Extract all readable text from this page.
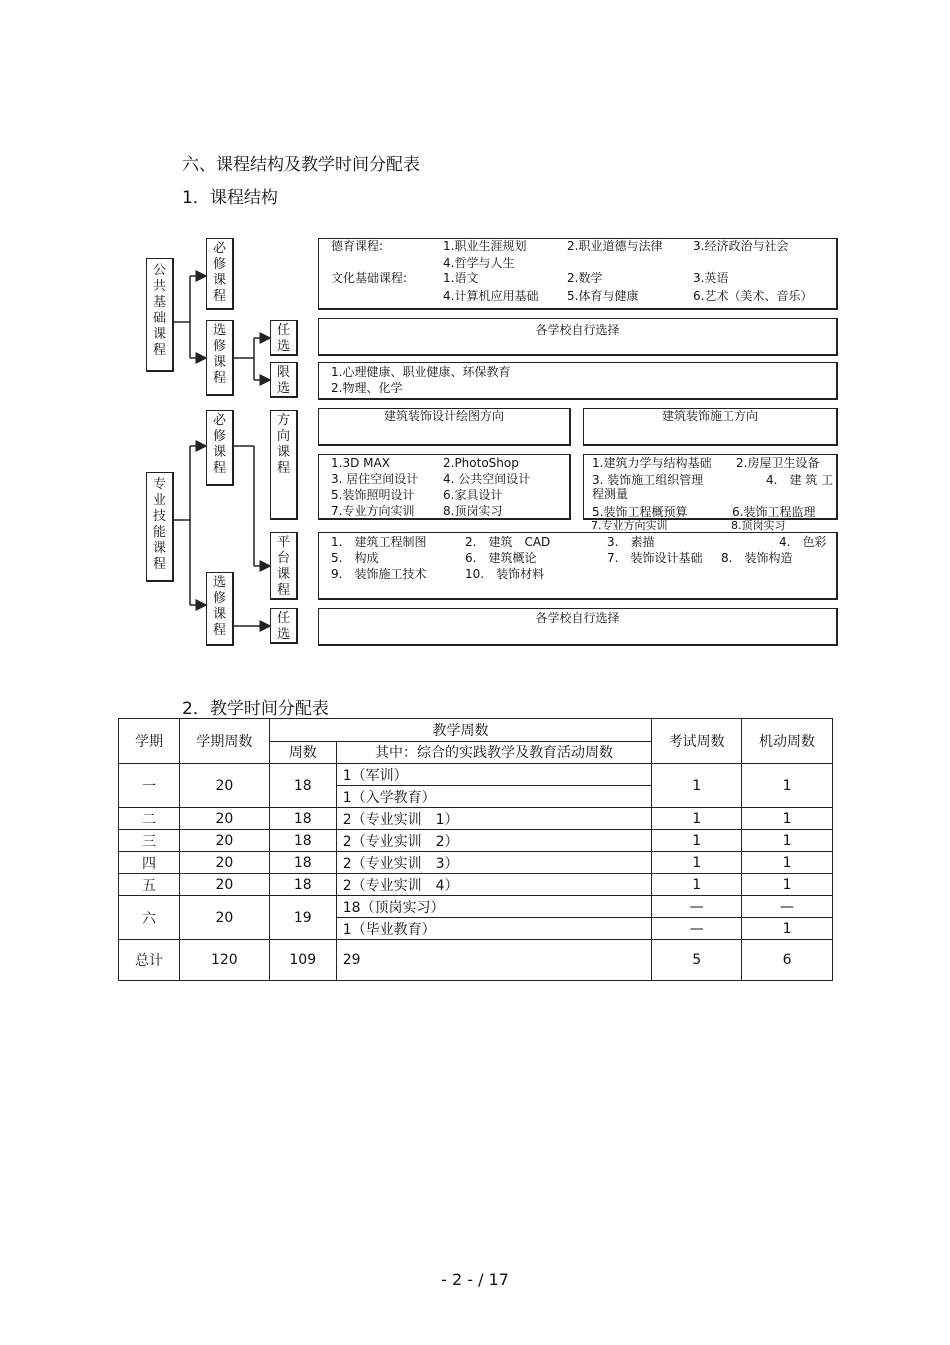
六、课程结构及教学时间分配表
1．课程结构
公共基础课程
必修课程
选修课程
任选
限选
专业技能课程
必修课程
选修课程
方向课程
平台课程
任选
德育课程:	1.职业生涯规划	2.职业道德与法律	3.经济政治与社会
4.哲学与人生
文化基础课程:	1.语文	2.数学	3.英语
4.计算机应用基础 5.体育与健康	6.艺术（美术、音乐）
各学校自行选择
1.心理健康、职业健康、环保教育
2.物理、化学
建筑装饰设计绘图方向	建筑装饰施工方向
1.3D MAX	2.PhotoShop
3. 居住空间设计 4. 公共空间设计
5.装饰照明设计 6.家具设计
7.专业方向实训 8.顶岗实习
1.建筑力学与结构基础 2.房屋卫生设备
3. 装饰施工组织管理	4.　建 筑 工
程测量
5.装饰工程概预算	6.装饰工程监理
7.专业方向实训	8.顶岗实习
1.　建筑工程制图	2.　建筑　CAD	3.　素描	4.　色彩
5.　构成	6.　建筑概论	7.　装饰设计基础 8.　装饰构造
9.　装饰施工技术	10.　装饰材料
各学校自行选择
2．教学时间分配表
学期	学期周数	教学周数		考试周数	机动周数
		周数	其中：综合的实践教学及教育活动周数		
一	20	18	1（军训）	1	1
			1（入学教育）		
二	20	18	2（专业实训　1）	1	1
三	20	18	2（专业实训　2）	1	1
四	20	18	2（专业实训　3）	1	1
五	20	18	2（专业实训　4）	1	1
六	20	19	18（顶岗实习）	—	—
			1（毕业教育）	—	1
总计	120	109	29	5	6
- 2 - / 17
